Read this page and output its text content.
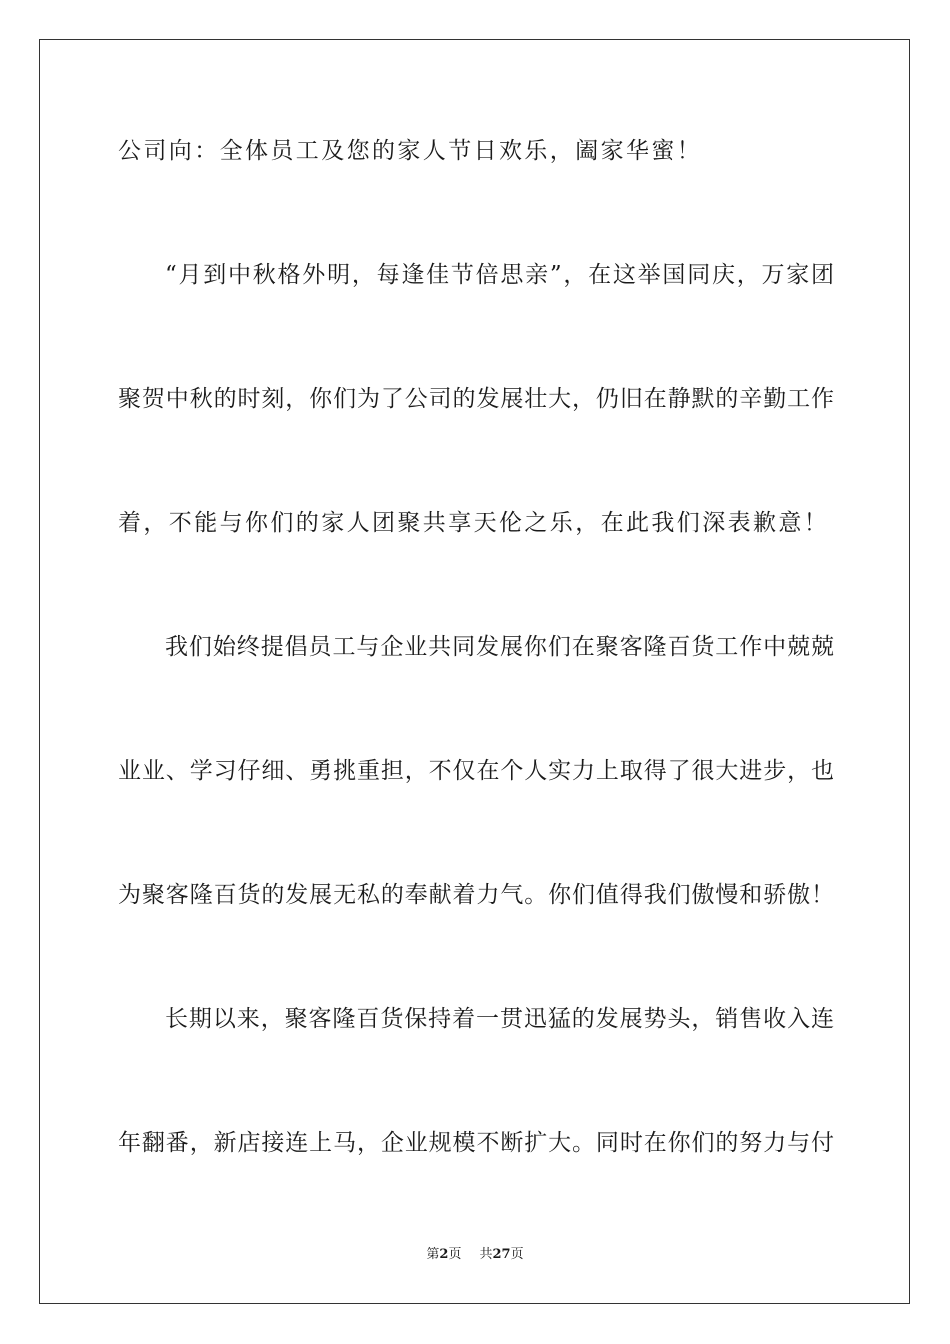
公司向：全体员工及您的家人节日欢乐，阖家华蜜！
“月到中秋格外明，每逢佳节倍思亲”，在这举国同庆，万家团
聚贺中秋的时刻，你们为了公司的发展壮大，仍旧在静默的辛勤工作
着，不能与你们的家人团聚共享天伦之乐，在此我们深表歉意！
我们始终提倡员工与企业共同发展你们在聚客隆百货工作中兢兢
业业、学习仔细、勇挑重担，不仅在个人实力上取得了很大进步，也
为聚客隆百货的发展无私的奉献着力气。你们值得我们傲慢和骄傲！
长期以来，聚客隆百货保持着一贯迅猛的发展势头，销售收入连
年翻番，新店接连上马，企业规模不断扩大。同时在你们的努力与付
第2页 共27页
